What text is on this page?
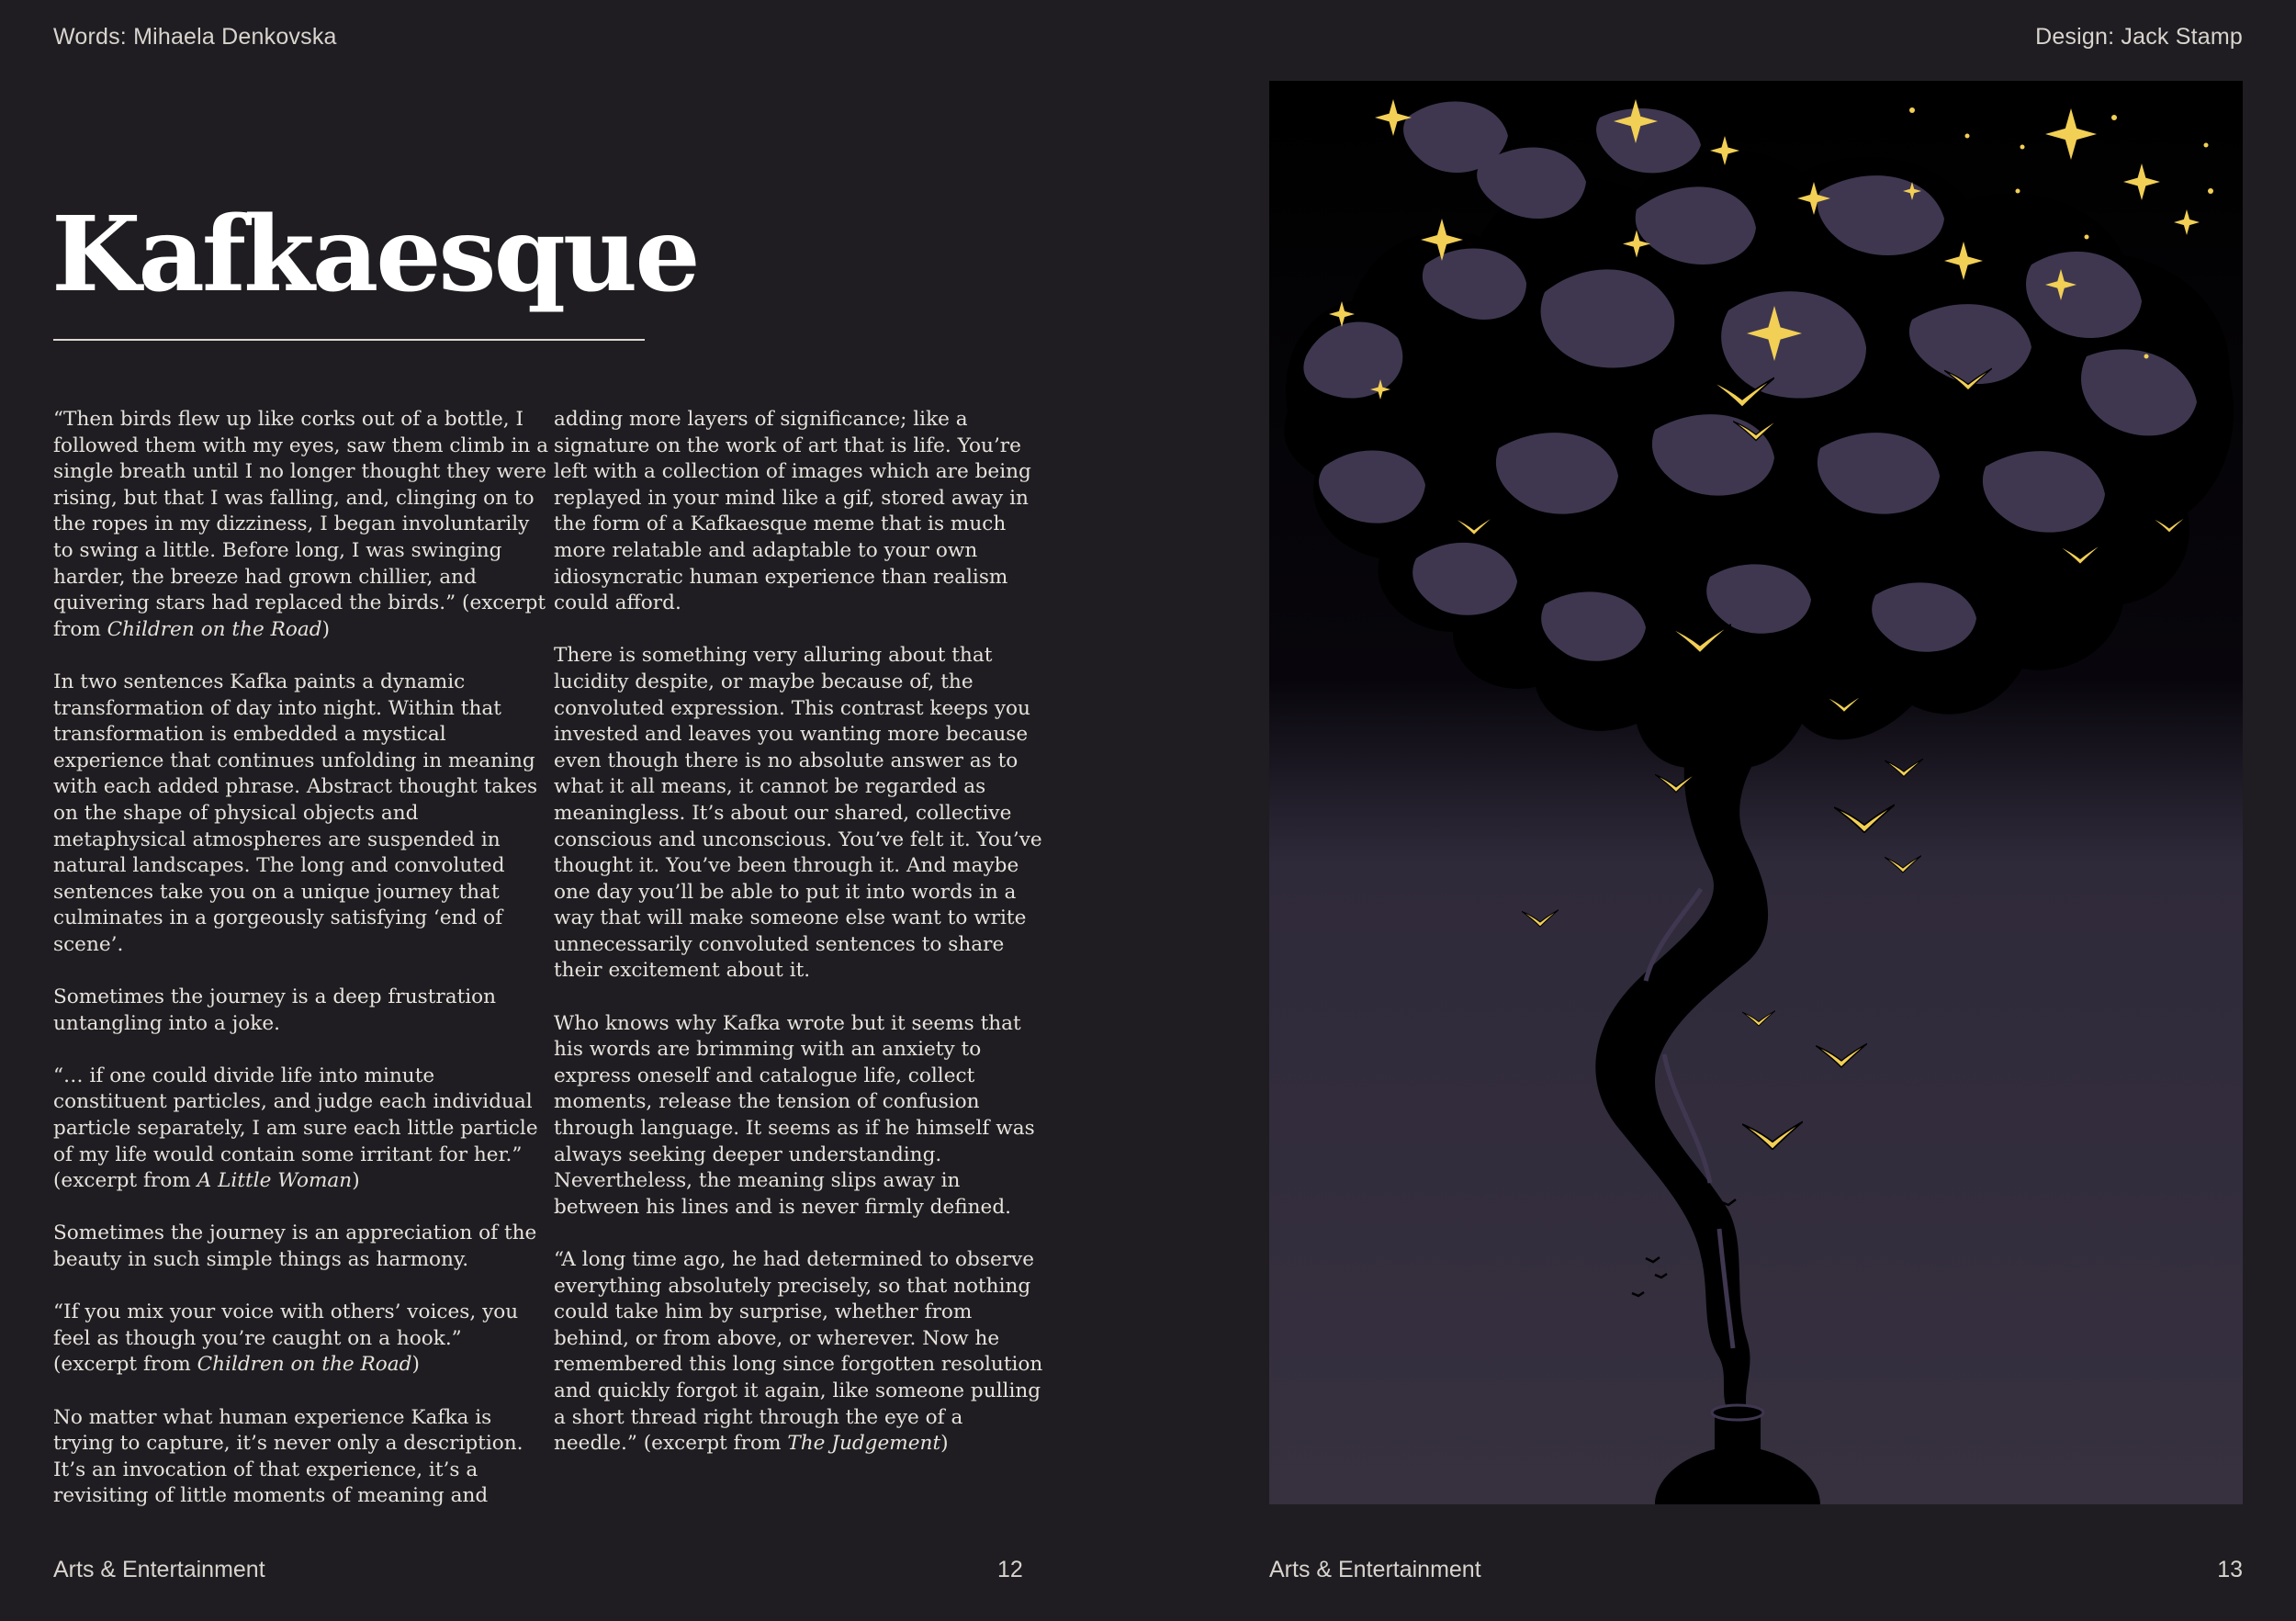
Words: Mihaela Denkovska	Design: Jack Stamp
Kafkaesque

“Then birds flew up like corks out of a bottle, I followed them with my eyes, saw them climb in a single breath until I no longer thought they were rising, but that I was falling, and, clinging on to the ropes in my dizziness, I began involuntarily to swing a little. Before long, I was swinging harder, the breeze had grown chillier, and quivering stars had replaced the birds.” (excerpt from Children on the Road)

In two sentences Kafka paints a dynamic transformation of day into night. Within that transformation is embedded a mystical experience that continues unfolding in meaning with each added phrase. Abstract thought takes on the shape of physical objects and metaphysical atmospheres are suspended in natural landscapes. The long and convoluted sentences take you on a unique journey that culminates in a gorgeously satisfying ‘end of scene’.

Sometimes the journey is a deep frustration untangling into a joke.

“… if one could divide life into minute constituent particles, and judge each individual particle separately, I am sure each little particle of my life would contain some irritant for her.” (excerpt from A Little Woman)

Sometimes the journey is an appreciation of the beauty in such simple things as harmony.

“If you mix your voice with others’ voices, you feel as though you’re caught on a hook.” (excerpt from Children on the Road)

No matter what human experience Kafka is trying to capture, it’s never only a description. It’s an invocation of that experience, it’s a revisiting of little moments of meaning and

adding more layers of significance; like a signature on the work of art that is life. You’re left with a collection of images which are being replayed in your mind like a gif, stored away in the form of a Kafkaesque meme that is much more relatable and adaptable to your own idiosyncratic human experience than realism could afford.

There is something very alluring about that lucidity despite, or maybe because of, the convoluted expression. This contrast keeps you invested and leaves you wanting more because even though there is no absolute answer as to what it all means, it cannot be regarded as meaningless. It’s about our shared, collective conscious and unconscious. You’ve felt it. You’ve thought it. You’ve been through it. And maybe one day you’ll be able to put it into words in a way that will make someone else want to write unnecessarily convoluted sentences to share their excitement about it.

Who knows why Kafka wrote but it seems that his words are brimming with an anxiety to express oneself and catalogue life, collect moments, release the tension of confusion through language. It seems as if he himself was always seeking deeper understanding. Nevertheless, the meaning slips away in between his lines and is never firmly defined.

“A long time ago, he had determined to observe everything absolutely precisely, so that nothing could take him by surprise, whether from behind, or from above, or wherever. Now he remembered this long since forgotten resolution and quickly forgot it again, like someone pulling a short thread right through the eye of a needle.” (excerpt from The Judgement)

Arts & Entertainment	12	Arts & Entertainment	13
